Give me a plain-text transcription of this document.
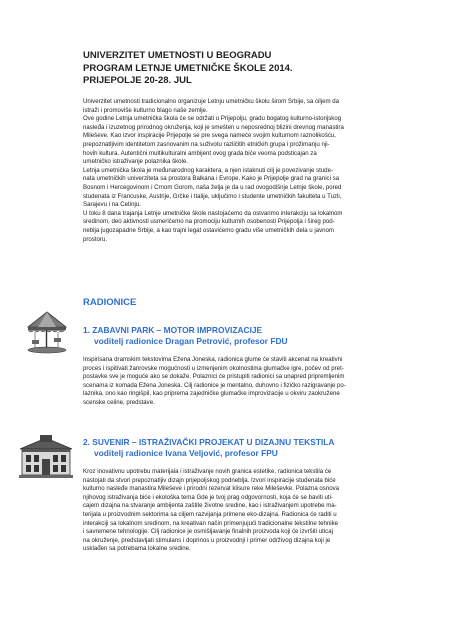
UNIVERZITET UMETNOSTI U BEOGRADU
PROGRAM LETNJE UMETNIČKE ŠKOLE 2014.
PRIJEPOLJE 20-28. JUL
Univerzitet umetnosti tradicionalno organizuje Letnju umetničku školu širom Srbije, sa ciljem da
istraži i promoviše kulturno blago naše zemlje.
Ove godine Letnja umetnička škola će se održati u Prijepolju, gradu bogatog kulturno-istorijskog
nasleđa i izuzetnog prirodnog okruženja, koji je smešten u neposrednoj blizini drevnog manastira
Mileševe. Kao izvor inspiracije Prijepolje se pre svega nameće svojim kulturnom raznolikošću,
prepoznatljivim identitetom zasnovanim na suživotu različitih etničkih grupa i prožimanju nji-
hovih kultura. Autentični multikulturalni ambijent ovog grada biće veoma podsticajan za
umetničko istraživanje polaznika škole.
Letnja umetnička škola je međunarodnog karaktera, a njen istaknuti cilj je povezivanje stude-
nata umetničkih univerziteta sa prostora Balkana i Evrope. Kako je Prijepolje grad na granici sa
Bosnom i Hercegovinom i Crnom Gorom, naša želja je da u rad ovogodišnje Letnje škole, pored
studenata iz Francuske, Austrije, Grčke i Italije, uključimo i studente umetničkih fakulteta u Tuzli,
Sarajevu i na Cetinju.
U toku 8 dana trajanja Letnje umetničke škole nastojaćemo da ostvarimo interakciju sa lokalnom
sredinom, deo aktivnosti usmeričemo na promociju kulturnih osobenosti Prijepolja i šireg pod-
neblja jugozapadne Srbije, a kao trajni legat ostavićemo gradu više umetničkih dela u javnom
prostoru.
RADIONICE
1. ZABAVNI PARK – MOTOR IMPROVIZACIJE
voditelj radionice Dragan Petrović, profesor FDU
Inspirisana dramskim tekstovima Ežena Joneska, radionica glume će staviti akcenat na kreativni
proces i ispitivati žanrovske mogućnosti u izmenjenim okolnostima glumačke igre, počev od pret-
postavke sve je moguće ako se dokaže. Polaznici će pristupiti radionici sa unapred pripremljenim
scenama iz komada Ežena Joneska. Cilj radionice je mentalno, duhovno i fizičko razigravanje po-
laznika, ono kao ringišpil, kao priprema zajedničke glumačke improvizacije u okviru zaokružene
scenske celine, predstave.
2. SUVENIR – ISTRAŽIVAČKI PROJEKAT U DIZAJNU TEKSTILA
voditelj radionice Ivana Veljović, profesor FPU
Kroz inovativnu upotrebu materijala i istraživanje novih granica estetike, radionica tekstila će
nastojati da stvori prepoznatljiv dizajn prijepoljskog podneblja. Izvori inspiracije studenata biće
kulturno nasleđe manastira Mileševe i prirodni rezervat klisure reke Mileševke. Polazna osnova
njihovog istraživanja biće i ekološka tema Gde je tvoj prag odgovornosti, koja će se baviti uti-
cajem dizajna na stvaranje ambijenta zaštite životne sredine, kao i istraživanjem upotrebe ma-
terijala u proizvodnim sektorima sa ciljem razvijanja primene eko-dizajna. Radionica će raditi u
interakciji sa lokalnom sredinom, na kreativan način primenjujući tradicionalne tekstilne tehnike
i savremene tehnologije. Cilj radionice je osmišljavanje finalnih proizvoda koji će izvršiti uticaj
na okruženje, predstavljati stimulans i doprinos u proizvodnji i primer održivog dizajna koji je
usklađen sa potrebama lokalne sredine.
